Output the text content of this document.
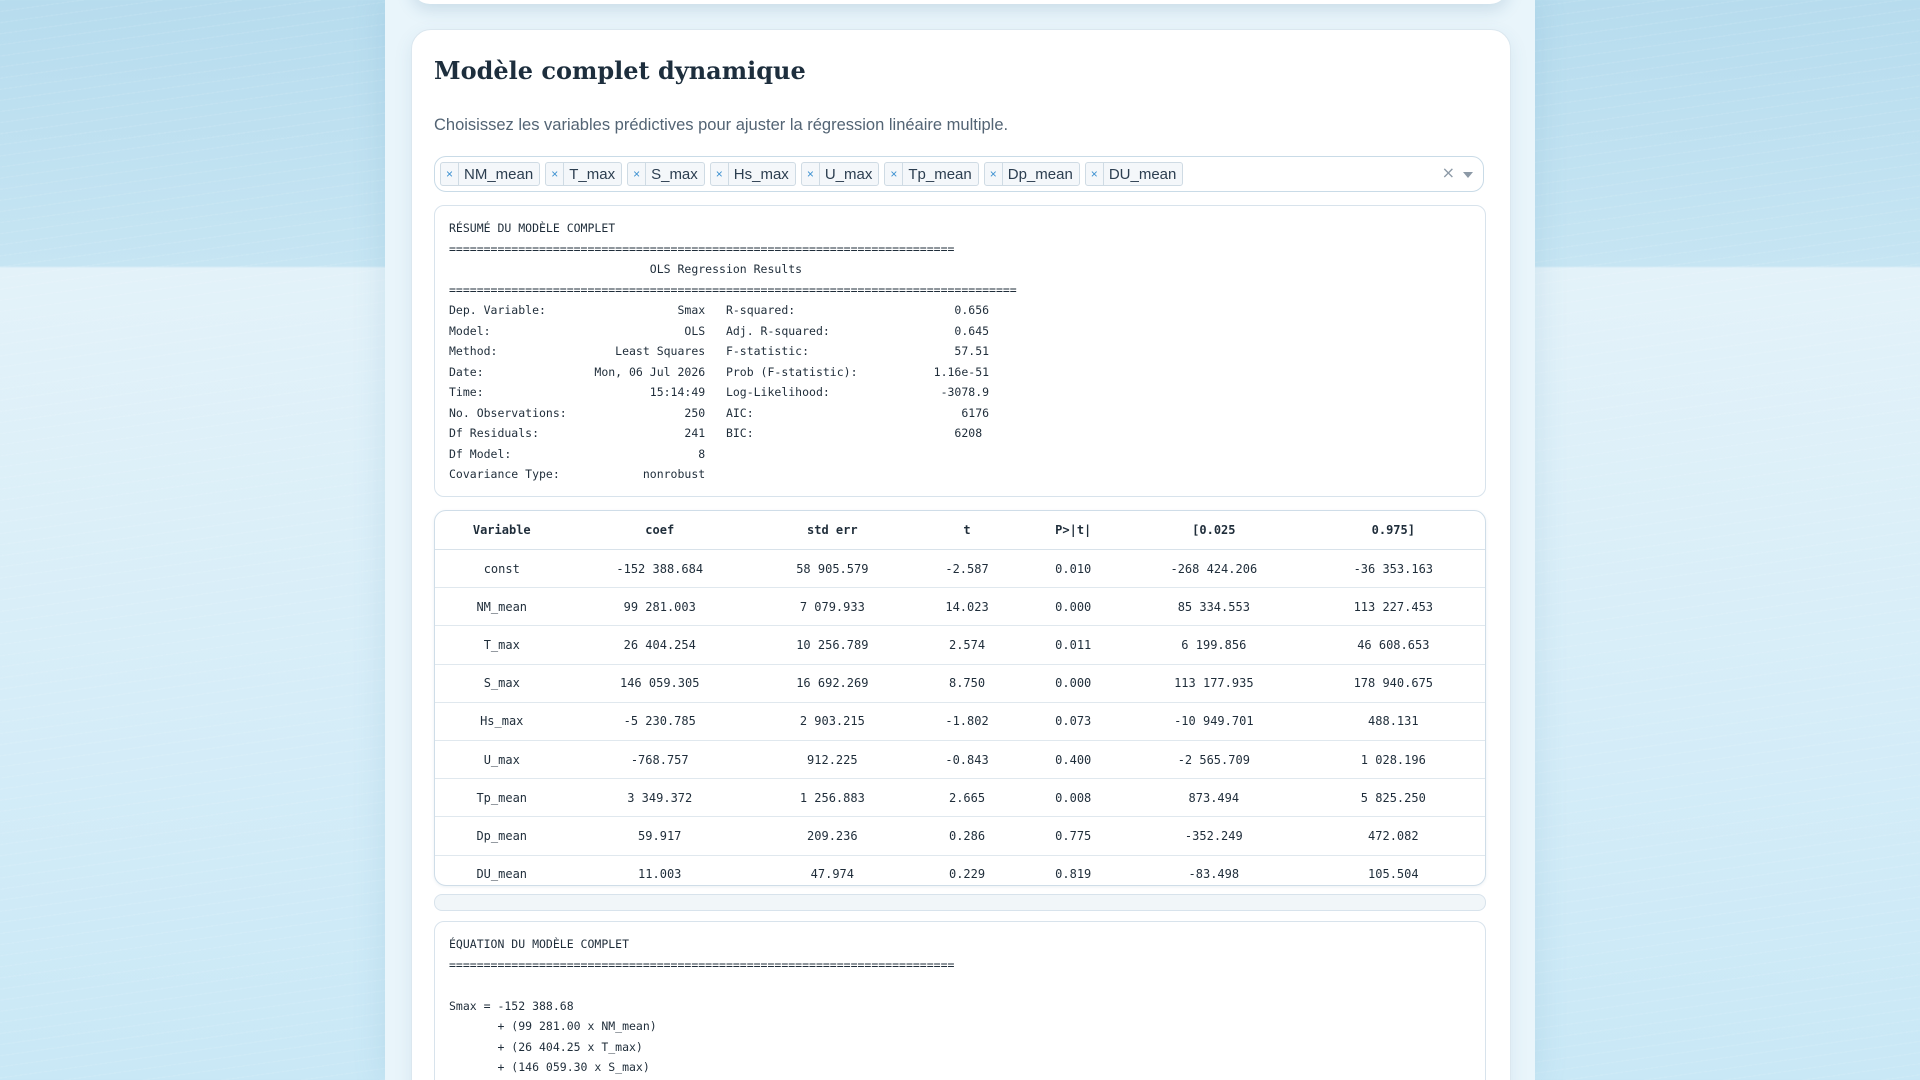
Modèle complet dynamique

Choisissez les variables prédictives pour ajuster la régression linéaire multiple.

× NM_mean	× T_max	× S_max	× Hs_max	× U_max	× Tp_mean	× Dp_mean	× DU_mean	×
RÉSUMÉ DU MODÈLE COMPLET
=========================================================================
OLS Regression Results
==================================================================================
Dep. Variable:                   Smax   R-squared:                       0.656
Model:                            OLS   Adj. R-squared:                  0.645
Method:                 Least Squares   F-statistic:                     57.51
Date:                Mon, 06 Jul 2026   Prob (F-statistic):           1.16e-51
Time:                        15:14:49   Log-Likelihood:                -3078.9
No. Observations:                 250   AIC:                              6176
Df Residuals:                     241   BIC:                             6208
Df Model:                           8
Covariance Type:            nonrobust
Variable	coef	std err	t	P>|t|	[0.025	0.975]
const	-152 388.684	58 905.579	-2.587	0.010	-268 424.206	-36 353.163
NM_mean	99 281.003	7 079.933	14.023	0.000	85 334.553	113 227.453
T_max	26 404.254	10 256.789	2.574	0.011	6 199.856	46 608.653
S_max	146 059.305	16 692.269	8.750	0.000	113 177.935	178 940.675
Hs_max	-5 230.785	2 903.215	-1.802	0.073	-10 949.701	488.131
U_max	-768.757	912.225	-0.843	0.400	-2 565.709	1 028.196
Tp_mean	3 349.372	1 256.883	2.665	0.008	873.494	5 825.250
Dp_mean	59.917	209.236	0.286	0.775	-352.249	472.082
DU_mean	11.003	47.974	0.229	0.819	-83.498	105.504
ÉQUATION DU MODÈLE COMPLET
=========================================================================

Smax = -152 388.68
+ (99 281.00 x NM_mean)
+ (26 404.25 x T_max)
+ (146 059.30 x S_max)
